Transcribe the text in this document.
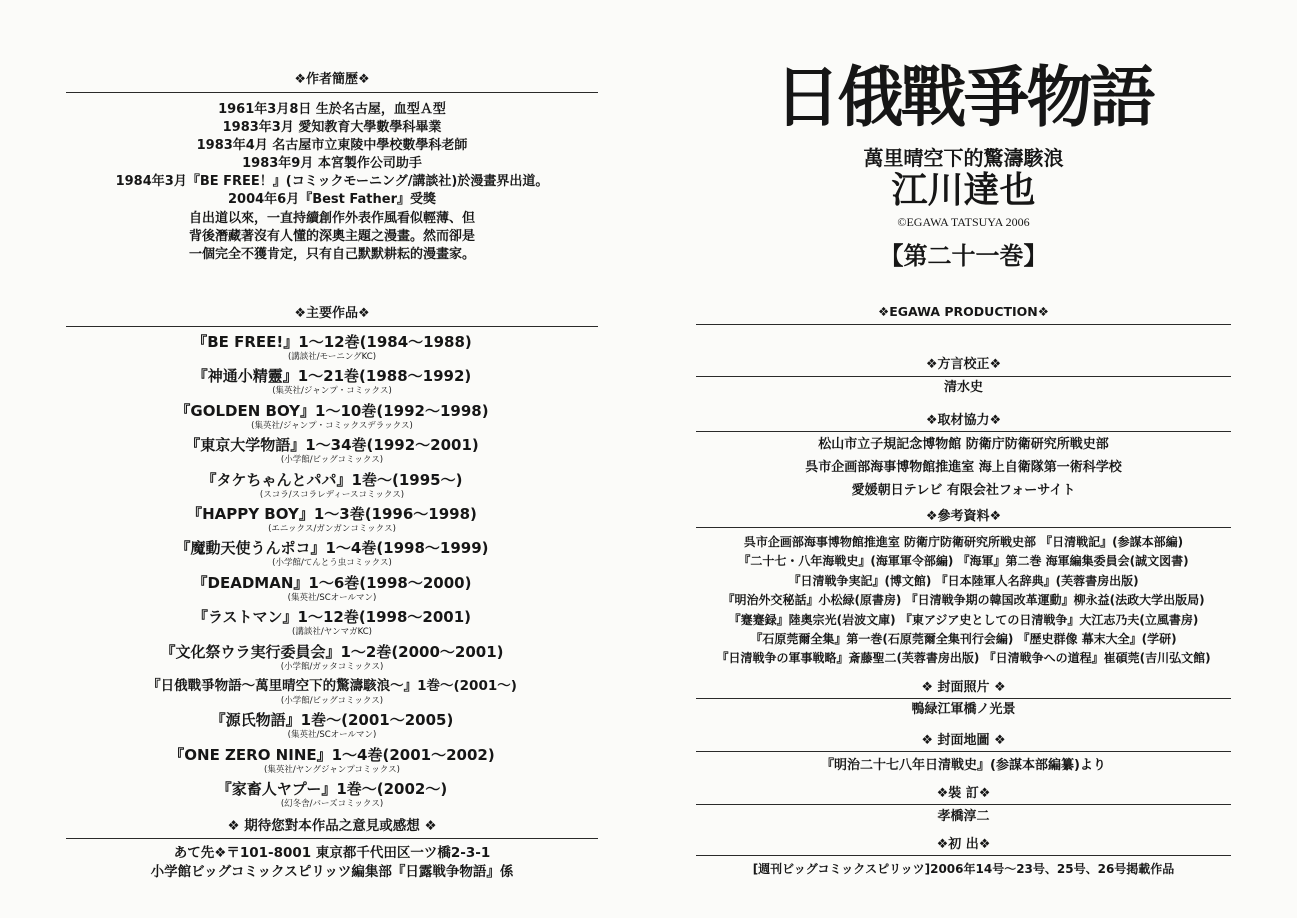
❖作者簡歷❖
1961年3月8日 生於名古屋，血型Ａ型
1983年3月 愛知教育大學數學科畢業
1983年4月 名古屋市立東陵中學校數學科老師
1983年9月 本宮製作公司助手
1984年3月『BE FREE！』(コミックモーニング/講談社)於漫畫界出道。
2004年6月『Best Father』受獎
自出道以來，一直持續創作外表作風看似輕薄、但
背後潛藏著沒有人懂的深奧主題之漫畫。然而卻是
一個完全不獲肯定，只有自己默默耕耘的漫畫家。
❖主要作品❖
『BE FREE!』1～12巻(1984～1988)
(講談社/モーニングKC)
『神通小精靈』1～21巻(1988～1992)
(集英社/ジャンプ・コミックス)
『GOLDEN BOY』1～10巻(1992～1998)
(集英社/ジャンプ・コミックスデラックス)
『東京大学物語』1～34巻(1992～2001)
(小学館/ビッグコミックス)
『タケちゃんとパパ』1巻～(1995～)
(スコラ/スコラレディースコミックス)
『HAPPY BOY』1～3巻(1996～1998)
(エニックス/ガンガンコミックス)
『魔動天使うんポコ』1～4巻(1998～1999)
(小学館/てんとう虫コミックス)
『DEADMAN』1～6巻(1998～2000)
(集英社/SCオールマン)
『ラストマン』1～12巻(1998～2001)
(講談社/ヤンマガKC)
『文化祭ウラ実行委員会』1～2巻(2000～2001)
(小学館/ガッタコミックス)
『日俄戰爭物語～萬里晴空下的驚濤駭浪～』1巻～(2001～)
(小学館/ビッグコミックス)
『源氏物語』1巻～(2001～2005)
(集英社/SCオールマン)
『ONE ZERO NINE』1～4巻(2001～2002)
(集英社/ヤングジャンプコミックス)
『家畜人ヤプー』1巻～(2002～)
(幻冬舎/バーズコミックス)
❖ 期待您對本作品之意見或感想 ❖
あて先❖〒101-8001 東京都千代田区一ツ橋2-3-1
小学館ビッグコミックスピリッツ編集部『日露戦争物語』係
日俄戰爭物語
萬里晴空下的驚濤駭浪
江川達也
©EGAWA TATSUYA 2006
【第二十一巻】
❖EGAWA PRODUCTION❖
❖方言校正❖
清水史
❖取材協力❖
松山市立子規記念博物館 防衛庁防衛研究所戦史部
呉市企画部海事博物館推進室 海上自衛隊第一術科学校
愛媛朝日テレビ 有限会社フォーサイト
❖參考資料❖
呉市企画部海事博物館推進室 防衛庁防衛研究所戦史部 『日清戦記』(参謀本部編)
『二十七・八年海戦史』(海軍軍令部編) 『海軍』第二巻 海軍編集委員会(誠文図書)
『日清戦争実記』(博文館) 『日本陸軍人名辞典』(芙蓉書房出版)
『明治外交秘話』小松緑(原書房) 『日清戦争期の韓国改革運動』柳永益(法政大学出版局)
『蹇蹇録』陸奥宗光(岩波文庫) 『東アジア史としての日清戦争』大江志乃夫(立風書房)
『石原莞爾全集』第一巻(石原莞爾全集刊行会編) 『歴史群像 幕末大全』(学研)
『日清戦争の軍事戦略』斎藤聖二(芙蓉書房出版) 『日清戦争への道程』崔碩莞(吉川弘文館)
❖ 封面照片 ❖
鴨緑江軍橋ノ光景
❖ 封面地圖 ❖
『明治二十七八年日清戦史』(参謀本部編纂)より
❖裝 訂❖
孝橋淳二
❖初 出❖
[週刊ビッグコミックスピリッツ]2006年14号～23号、25号、26号掲載作品
